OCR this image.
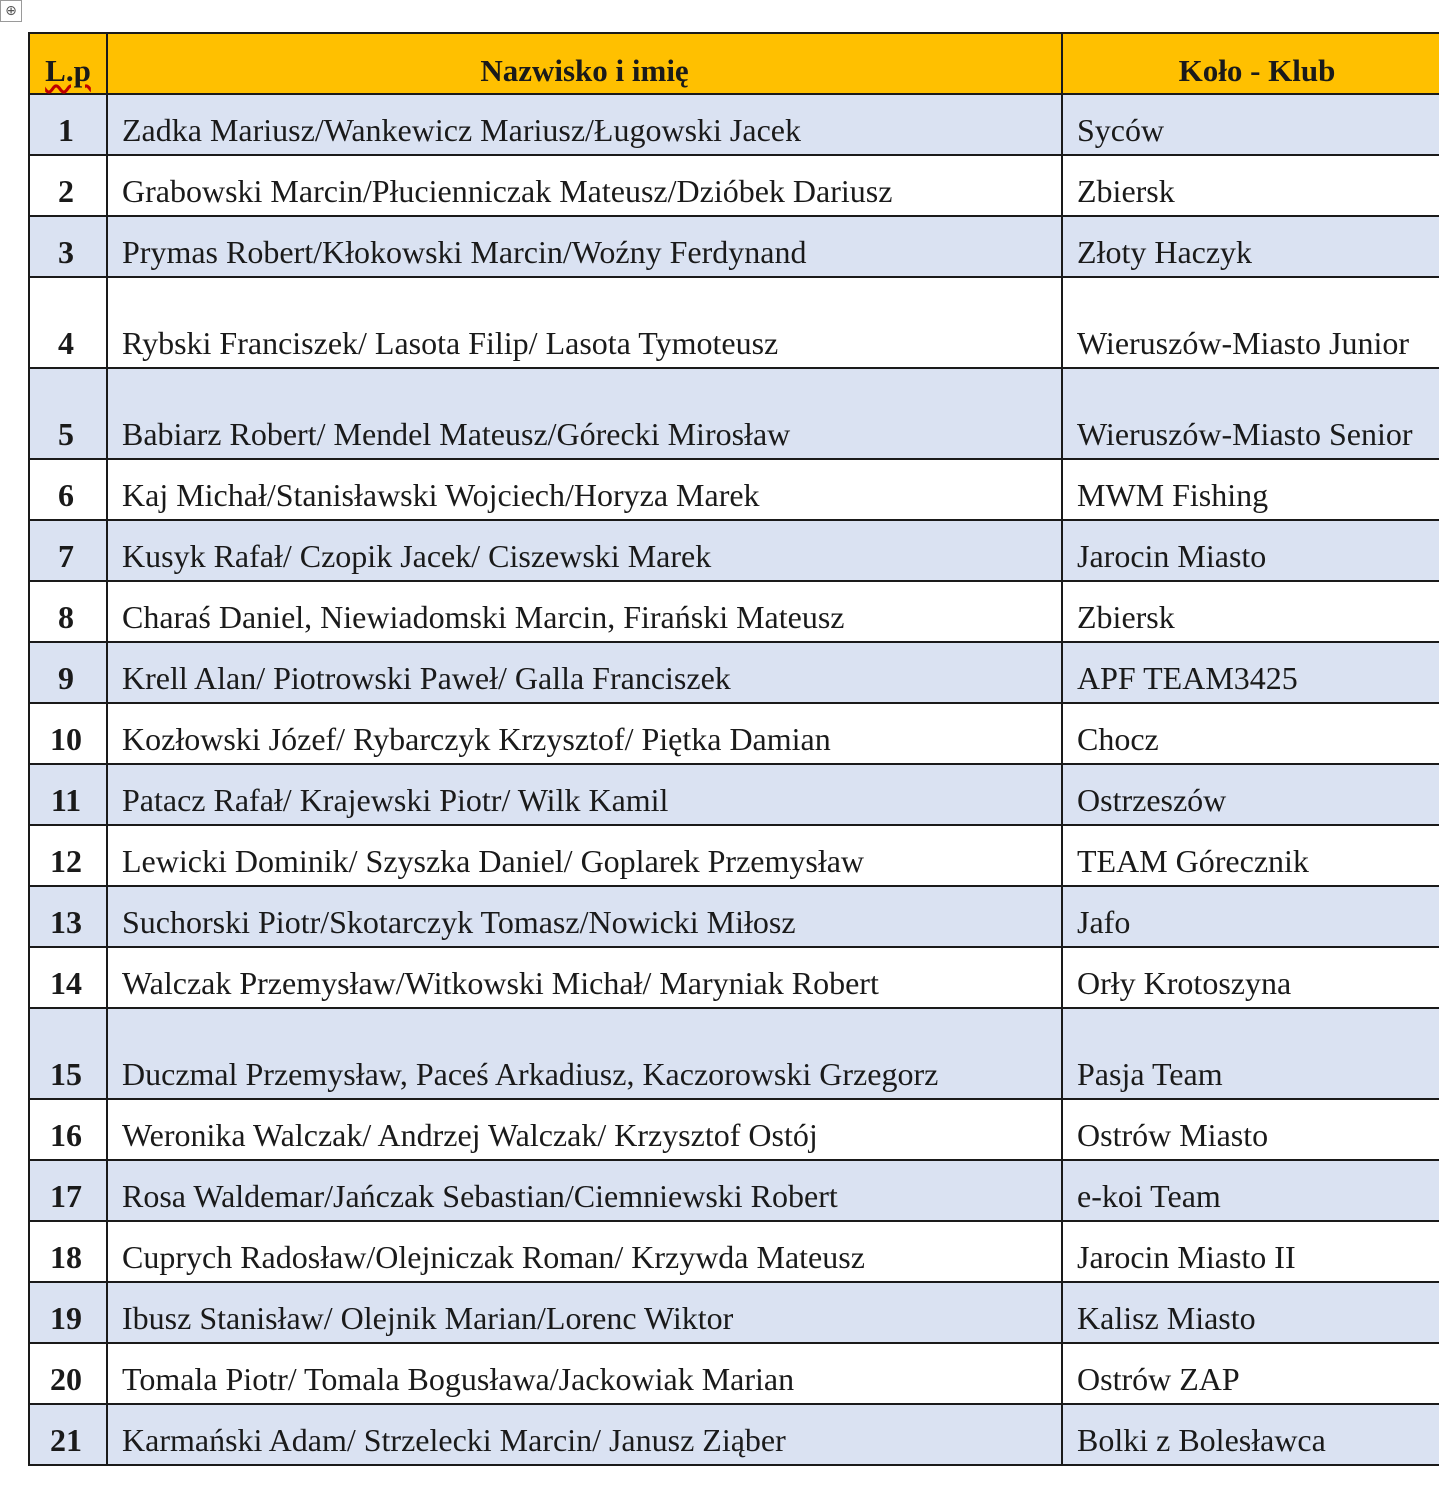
⊕
L.p	Nazwisko i imię	Koło - Klub
1	Zadka Mariusz/Wankewicz Mariusz/Ługowski Jacek	Syców
2	Grabowski Marcin/Płucienniczak Mateusz/Dzióbek Dariusz	Zbiersk
3	Prymas Robert/Kłokowski Marcin/Woźny Ferdynand	Złoty Haczyk
4	Rybski Franciszek/ Lasota Filip/ Lasota Tymoteusz	Wieruszów-Miasto Junior
5	Babiarz Robert/ Mendel Mateusz/Górecki Mirosław	Wieruszów-Miasto Senior
6	Kaj Michał/Stanisławski Wojciech/Horyza Marek	MWM Fishing
7	Kusyk Rafał/ Czopik Jacek/ Ciszewski Marek	Jarocin Miasto
8	Charaś Daniel, Niewiadomski Marcin, Firański Mateusz	Zbiersk
9	Krell Alan/ Piotrowski Paweł/ Galla Franciszek	APF TEAM3425
10	Kozłowski Józef/ Rybarczyk Krzysztof/ Piętka Damian	Chocz
11	Patacz Rafał/ Krajewski Piotr/ Wilk Kamil	Ostrzeszów
12	Lewicki Dominik/ Szyszka Daniel/ Goplarek Przemysław	TEAM Górecznik
13	Suchorski Piotr/Skotarczyk Tomasz/Nowicki Miłosz	Jafo
14	Walczak Przemysław/Witkowski Michał/ Maryniak Robert	Orły Krotoszyna
15	Duczmal Przemysław, Paceś Arkadiusz, Kaczorowski Grzegorz	Pasja Team
16	Weronika Walczak/ Andrzej Walczak/ Krzysztof Ostój	Ostrów Miasto
17	Rosa Waldemar/Jańczak Sebastian/Ciemniewski Robert	e-koi Team
18	Cuprych Radosław/Olejniczak Roman/ Krzywda Mateusz	Jarocin Miasto II
19	Ibusz Stanisław/ Olejnik Marian/Lorenc Wiktor	Kalisz Miasto
20	Tomala Piotr/ Tomala Bogusława/Jackowiak Marian	Ostrów ZAP
21	Karmański Adam/ Strzelecki Marcin/ Janusz Ziąber	Bolki z Bolesławca
